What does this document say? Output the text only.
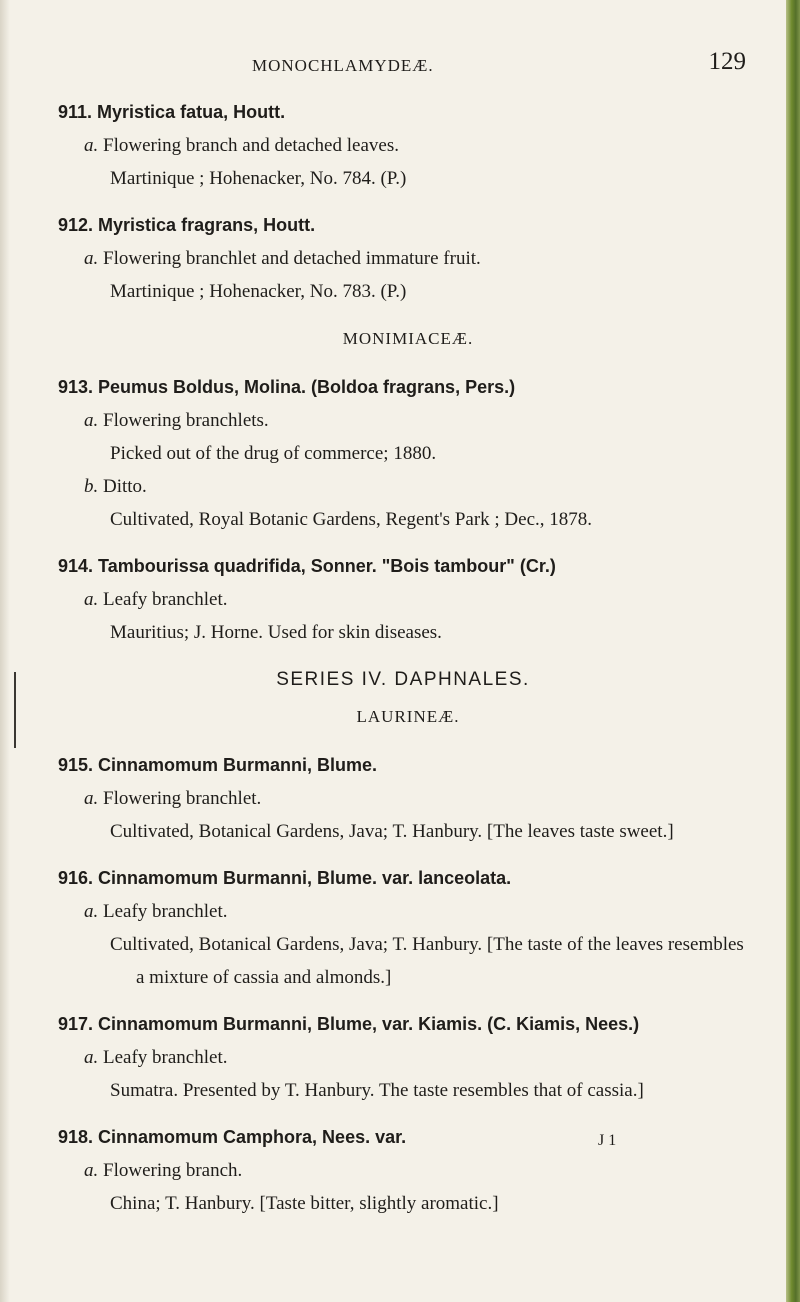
MONOCHLAMYDEÆ.	129
911. Myristica fatua, Houtt.
a. Flowering branch and detached leaves.
Martinique ; Hohenacker, No. 784. (P.)
912. Myristica fragrans, Houtt.
a. Flowering branchlet and detached immature fruit.
Martinique ; Hohenacker, No. 783. (P.)
MONIMIACEÆ.
913. Peumus Boldus, Molina. (Boldoa fragrans, Pers.)
a. Flowering branchlets.
Picked out of the drug of commerce; 1880.
b. Ditto.
Cultivated, Royal Botanic Gardens, Regent's Park ; Dec., 1878.
914. Tambourissa quadrifida, Sonner. "Bois tambour" (Cr.)
a. Leafy branchlet.
Mauritius; J. Horne. Used for skin diseases.
SERIES IV. DAPHNALES.
LAURINEÆ.
915. Cinnamomum Burmanni, Blume.
a. Flowering branchlet.
Cultivated, Botanical Gardens, Java; T. Hanbury. [The leaves taste sweet.]
916. Cinnamomum Burmanni, Blume. var. lanceolata.
a. Leafy branchlet.
Cultivated, Botanical Gardens, Java; T. Hanbury. [The taste of the leaves resembles a mixture of cassia and almonds.]
917. Cinnamomum Burmanni, Blume, var. Kiamis. (C. Kiamis, Nees.)
a. Leafy branchlet.
Sumatra. Presented by T. Hanbury. The taste resembles that of cassia.]
918. Cinnamomum Camphora, Nees. var.
a. Flowering branch.
China; T. Hanbury. [Taste bitter, slightly aromatic.]
J 1
